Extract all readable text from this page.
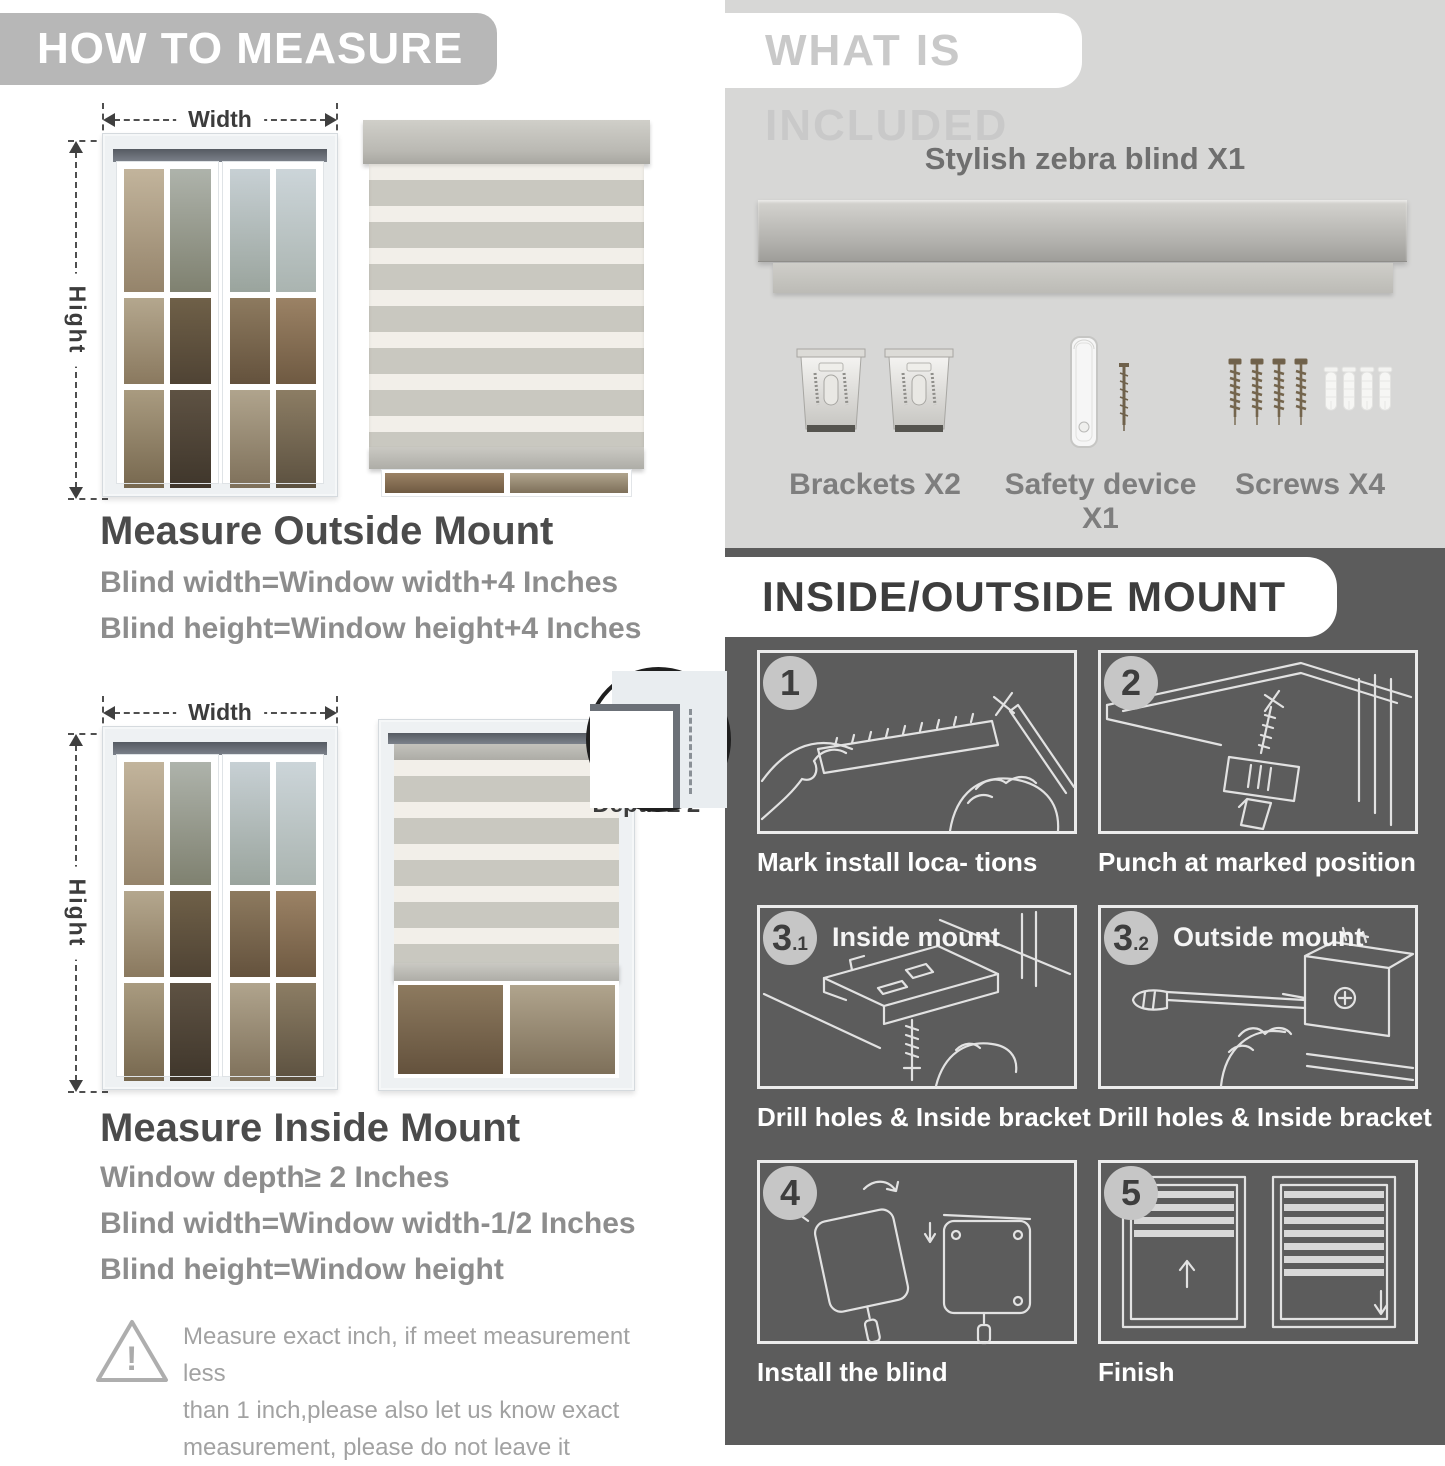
HOW TO MEASURE
Width
Hight
Measure Outside Mount
Blind width=Window width+4 Inches
Blind height=Window height+4 Inches
Width
Hight
Measure Inside Mount
Window depth≥ 2 Inches
Blind width=Window width-1/2 Inches
Blind height=Window height
!
Measure exact inch, if meet measurement less
than 1 inch,please also let us know exact
measurement, please do not leave it
WHAT IS INCLUDED
Stylish zebra blind X1
Brackets X2	Safety device X1
Screws X4
INSIDE/OUTSIDE MOUNT
1
Mark install loca- tions
2
Punch at marked position
3 .1 Inside mount
Drill holes & Inside bracket
3 .2 Outside mount
Drill holes & Inside bracket
4
Install the blind
5
Finish
